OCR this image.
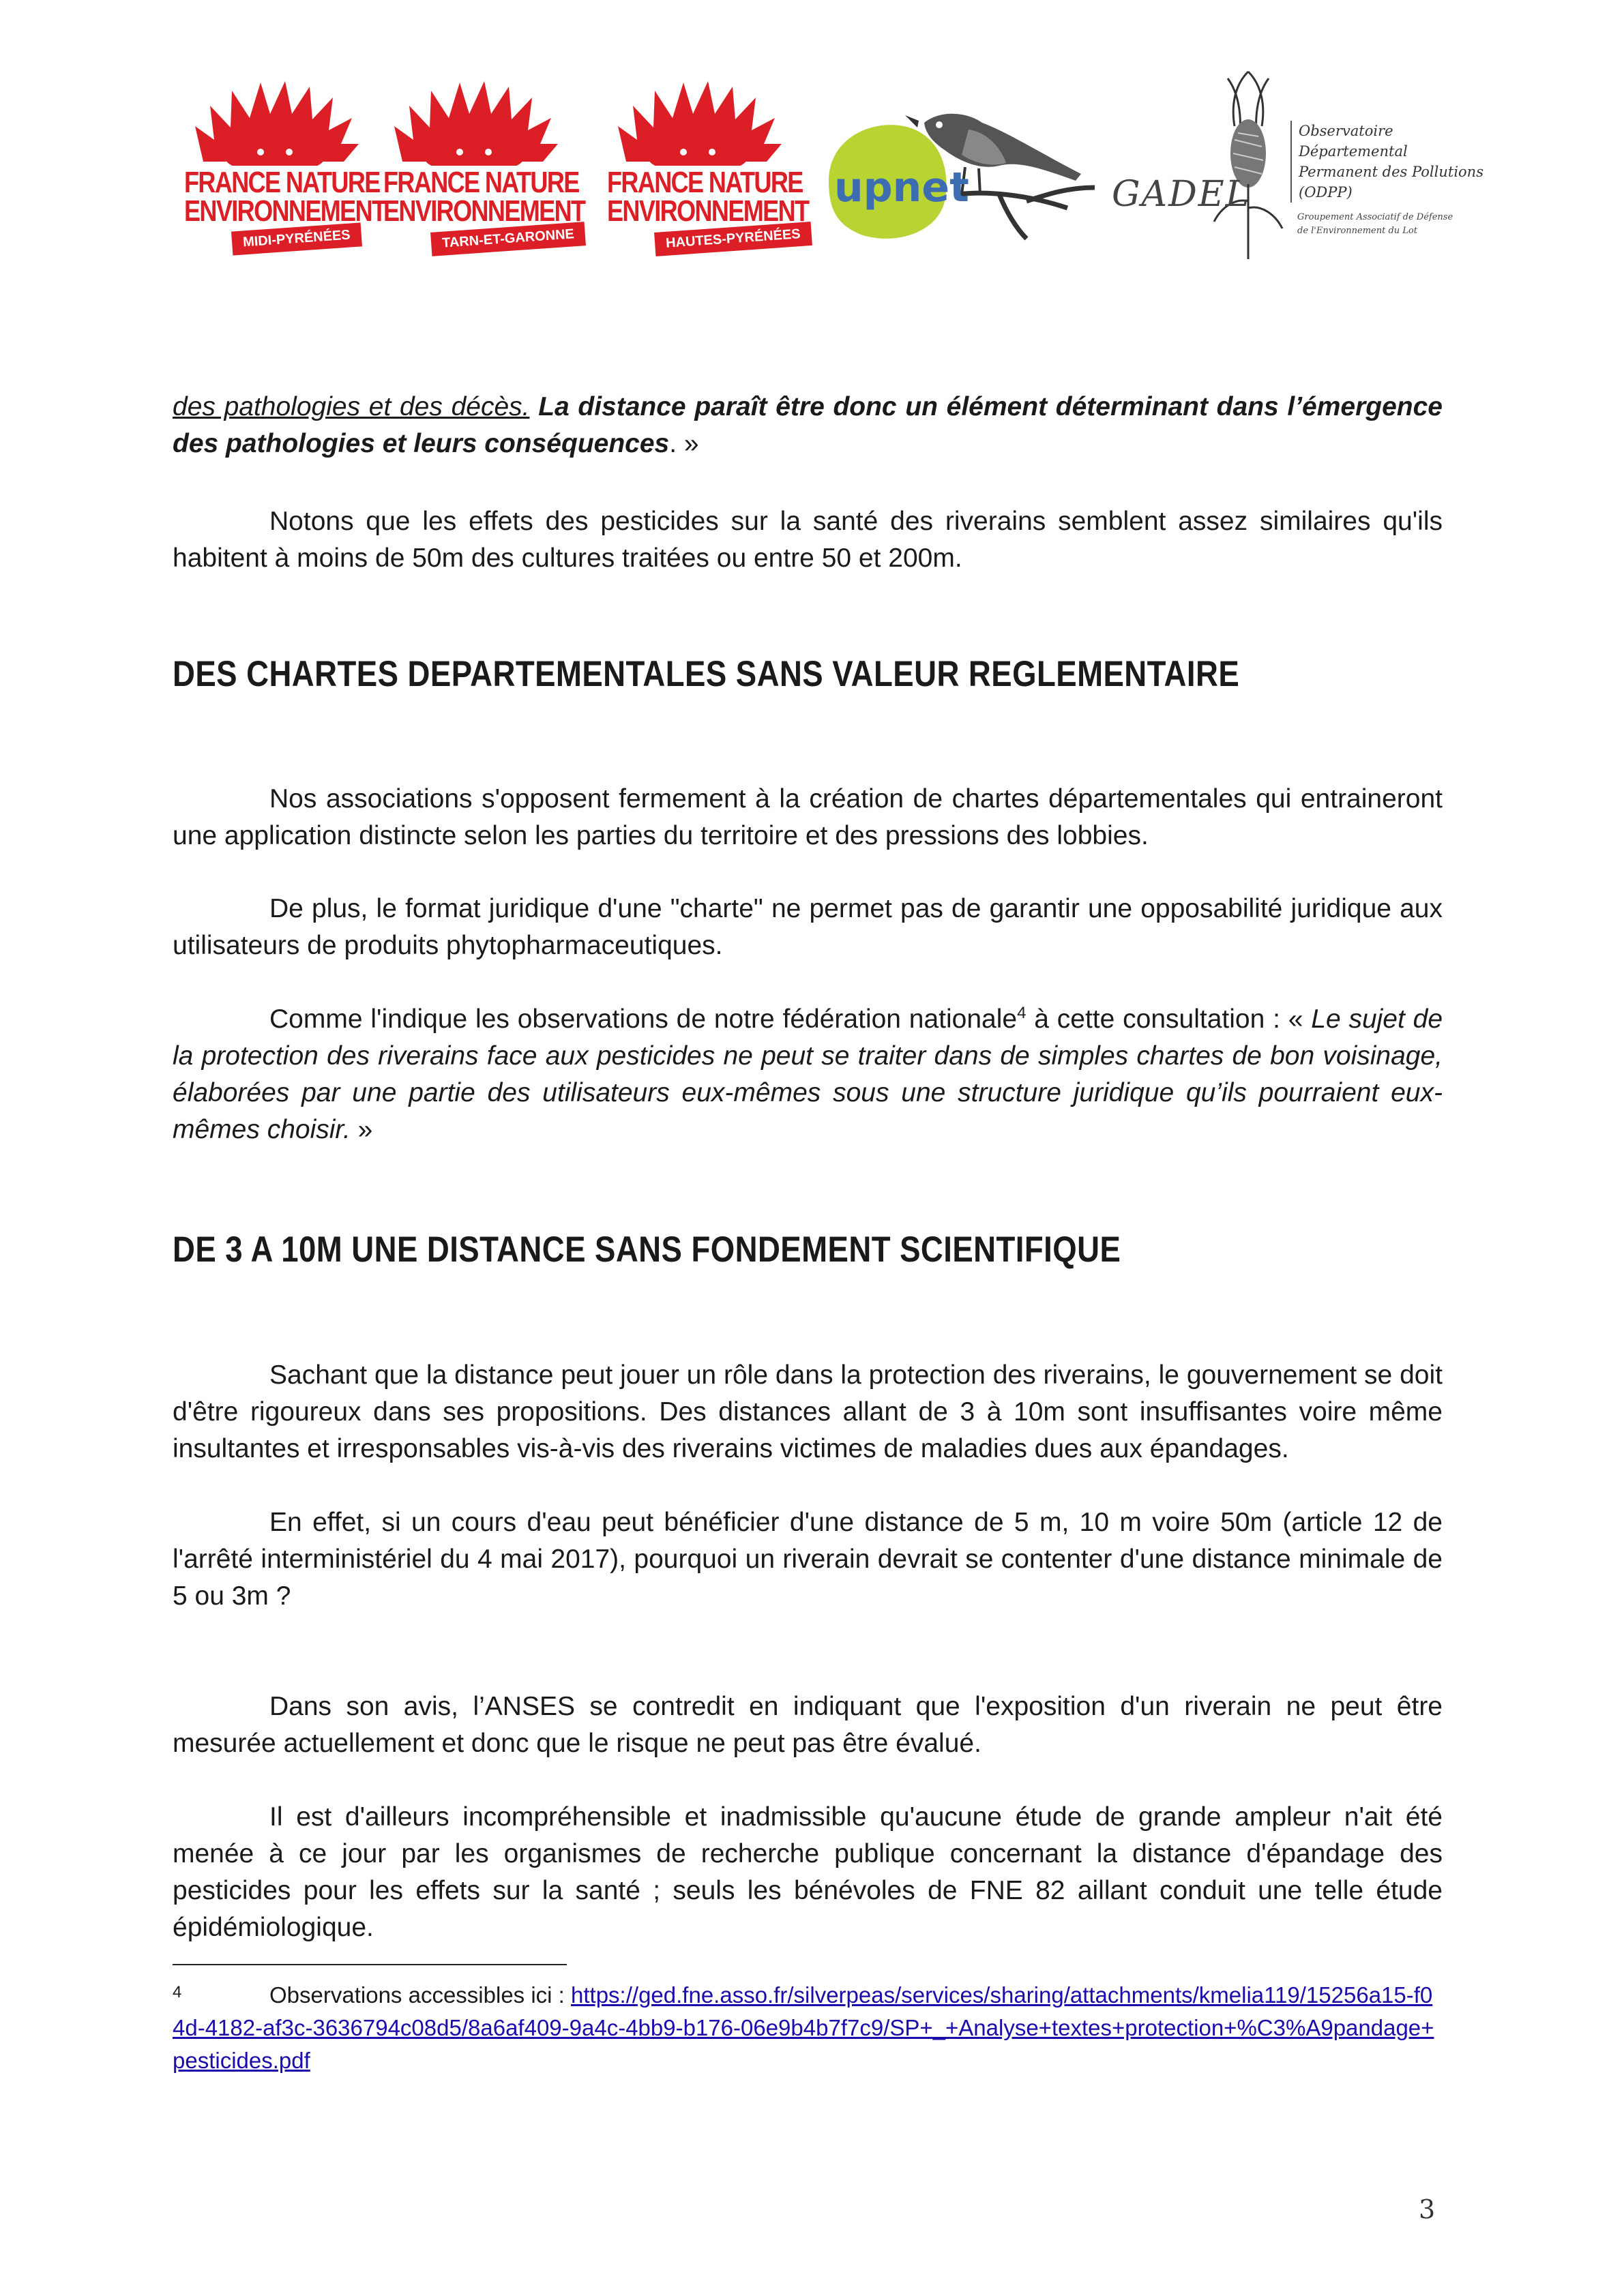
FRANCE NATURE
ENVIRONNEMENT
MIDI-PYRÉNÉES
FRANCE NATURE
ENVIRONNEMENT
TARN-ET-GARONNE
FRANCE NATURE
ENVIRONNEMENT
HAUTES-PYRÉNÉES
upnet	GADEL
Observatoire Départemental
Permanent des Pollutions (ODPP)
Groupement Associatif de Défense
de l'Environnement du Lot

des pathologies et des décès. La distance paraît être donc un élément déterminant dans l’émergence des pathologies et leurs conséquences. »

Notons que les effets des pesticides sur la santé des riverains semblent assez similaires qu'ils habitent à moins de 50m des cultures traitées ou entre 50 et 200m.

DES CHARTES DEPARTEMENTALES SANS VALEUR REGLEMENTAIRE

Nos associations s'opposent fermement à la création de chartes départementales qui entraineront une application distincte selon les parties du territoire et des pressions des lobbies.

De plus, le format juridique d'une "charte" ne permet pas de garantir une opposabilité juridique aux utilisateurs de produits phytopharmaceutiques.

Comme l'indique les observations de notre fédération nationale$^4$ à cette consultation : « Le sujet de la protection des riverains face aux pesticides ne peut se traiter dans de simples chartes de bon voisinage, élaborées par une partie des utilisateurs eux-mêmes sous une structure juridique qu’ils pourraient eux-mêmes choisir. »

DE 3 A 10M UNE DISTANCE SANS FONDEMENT SCIENTIFIQUE

Sachant que la distance peut jouer un rôle dans la protection des riverains, le gouvernement se doit d'être rigoureux dans ses propositions. Des distances allant de 3 à 10m sont insuffisantes voire même insultantes et irresponsables vis-à-vis des riverains victimes de maladies dues aux épandages.

En effet, si un cours d'eau peut bénéficier d'une distance de 5 m, 10 m voire 50m (article 12 de l'arrêté interministériel du 4 mai 2017), pourquoi un riverain devrait se contenter d'une distance minimale de 5 ou 3m ?

Dans son avis, l’ANSES se contredit en indiquant que l'exposition d'un riverain ne peut être mesurée actuellement et donc que le risque ne peut pas être évalué.

Il est d'ailleurs incompréhensible et inadmissible qu'aucune étude de grande ampleur n'ait été menée à ce jour par les organismes de recherche publique concernant la distance d'épandage des pesticides pour les effets sur la santé ; seuls les bénévoles de FNE 82 aillant conduit une telle étude épidémiologique.

4	Observations accessibles ici : https://ged.fne.asso.fr/silverpeas/services/sharing/attachments/kmelia119/15256a15-f04d-4182-af3c-3636794c08d5/8a6af409-9a4c-4bb9-b176-06e9b4b7f7c9/SP+_+Analyse+textes+protection+%C3%A9pandage+pesticides.pdf

3
